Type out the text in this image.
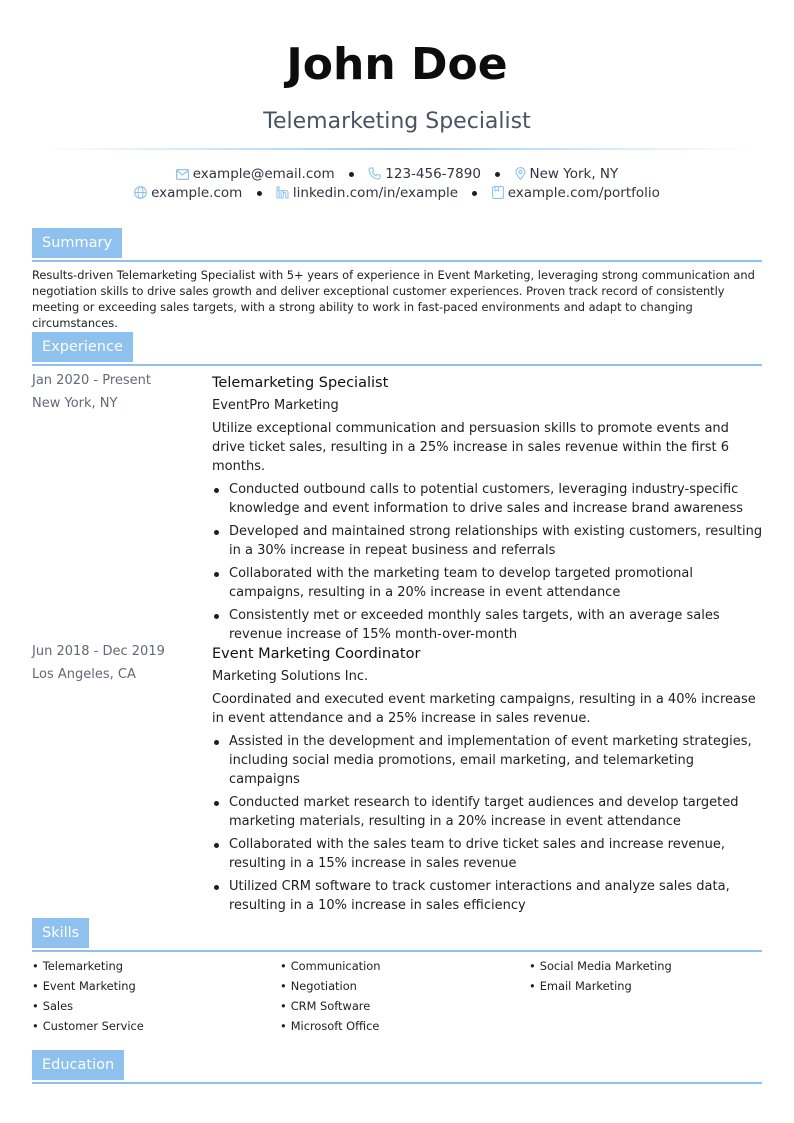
John Doe
Telemarketing Specialist
example@email.com	123-456-7890	New York, NY
example.com	linkedin.com/in/example	example.com/portfolio
Summary
Results-driven Telemarketing Specialist with 5+ years of experience in Event Marketing, leveraging strong communication and negotiation skills to drive sales growth and deliver exceptional customer experiences. Proven track record of consistently meeting or exceeding sales targets, with a strong ability to work in fast-paced environments and adapt to changing circumstances.
Experience
Jan 2020 - Present
New York, NY
Telemarketing Specialist
EventPro Marketing
Utilize exceptional communication and persuasion skills to promote events and drive ticket sales, resulting in a 25% increase in sales revenue within the first 6 months.
Conducted outbound calls to potential customers, leveraging industry-specific knowledge and event information to drive sales and increase brand awareness
Developed and maintained strong relationships with existing customers, resulting in a 30% increase in repeat business and referrals
Collaborated with the marketing team to develop targeted promotional campaigns, resulting in a 20% increase in event attendance
Consistently met or exceeded monthly sales targets, with an average sales revenue increase of 15% month-over-month
Jun 2018 - Dec 2019
Los Angeles, CA
Event Marketing Coordinator
Marketing Solutions Inc.
Coordinated and executed event marketing campaigns, resulting in a 40% increase in event attendance and a 25% increase in sales revenue.
Assisted in the development and implementation of event marketing strategies, including social media promotions, email marketing, and telemarketing campaigns
Conducted market research to identify target audiences and develop targeted marketing materials, resulting in a 20% increase in event attendance
Collaborated with the sales team to drive ticket sales and increase revenue, resulting in a 15% increase in sales revenue
Utilized CRM software to track customer interactions and analyze sales data, resulting in a 10% increase in sales efficiency
Skills
• Telemarketing
• Event Marketing
• Sales
• Customer Service
• Communication
• Negotiation
• CRM Software
• Microsoft Office
• Social Media Marketing
• Email Marketing
Education
